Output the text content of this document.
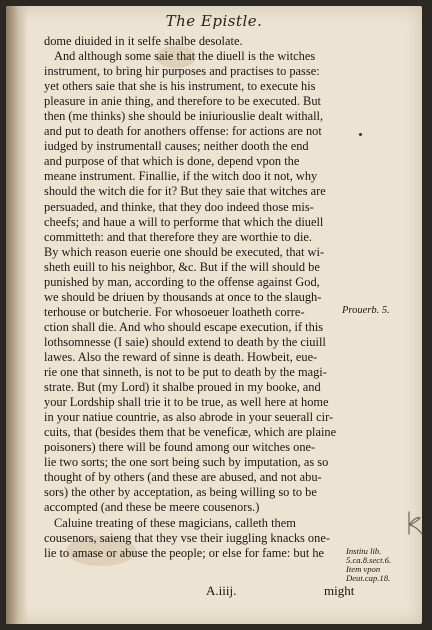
The Epistle.
dome diuided in it selfe shalbe desolate.
And although some saie that the diuell is the witches
instrument, to bring hir purposes and practises to passe:
yet others saie that she is his instrument, to execute his
pleasure in anie thing, and therefore to be executed. But
then (me thinks) she should be iniuriouslie dealt withall,
and put to death for anothers offense: for actions are not
iudged by instrumentall causes; neither dooth the end
and purpose of that which is done, depend vpon the
meane instrument. Finallie, if the witch doo it not, why
should the witch die for it? But they saie that witches are
persuaded, and thinke, that they doo indeed those mis-
cheefs; and haue a will to performe that which the diuell
committeth: and that therefore they are worthie to die.
By which reason euerie one should be executed, that wi-
sheth euill to his neighbor, &c. But if the will should be
punished by man, according to the offense against God,
we should be driuen by thousands at once to the slaugh-
terhouse or butcherie. For whosoeuer loatheth corre-
ction shall die. And who should escape execution, if this
lothsomnesse (I saie) should extend to death by the ciuill
lawes. Also the reward of sinne is death. Howbeit, eue-
rie one that sinneth, is not to be put to death by the magi-
strate. But (my Lord) it shalbe proued in my booke, and
your Lordship shall trie it to be true, as well here at home
in your natiue countrie, as also abrode in your seuerall cir-
cuits, that (besides them that be veneficæ, which are plaine
poisoners) there will be found among our witches one-
lie two sorts; the one sort being such by imputation, as so
thought of by others (and these are abused, and not abu-
sors) the other by acceptation, as being willing so to be
accompted (and these be meere cousenors.)
Caluine treating of these magicians, calleth them
cousenors, saieng that they vse their iuggling knacks one-
lie to amase or abuse the people; or else for fame: but he
Prouerb. 5.
Institu lib.
5.ca.8.sect.6.
Item vpon
Deut.cap.18.
A.iiij.	might
